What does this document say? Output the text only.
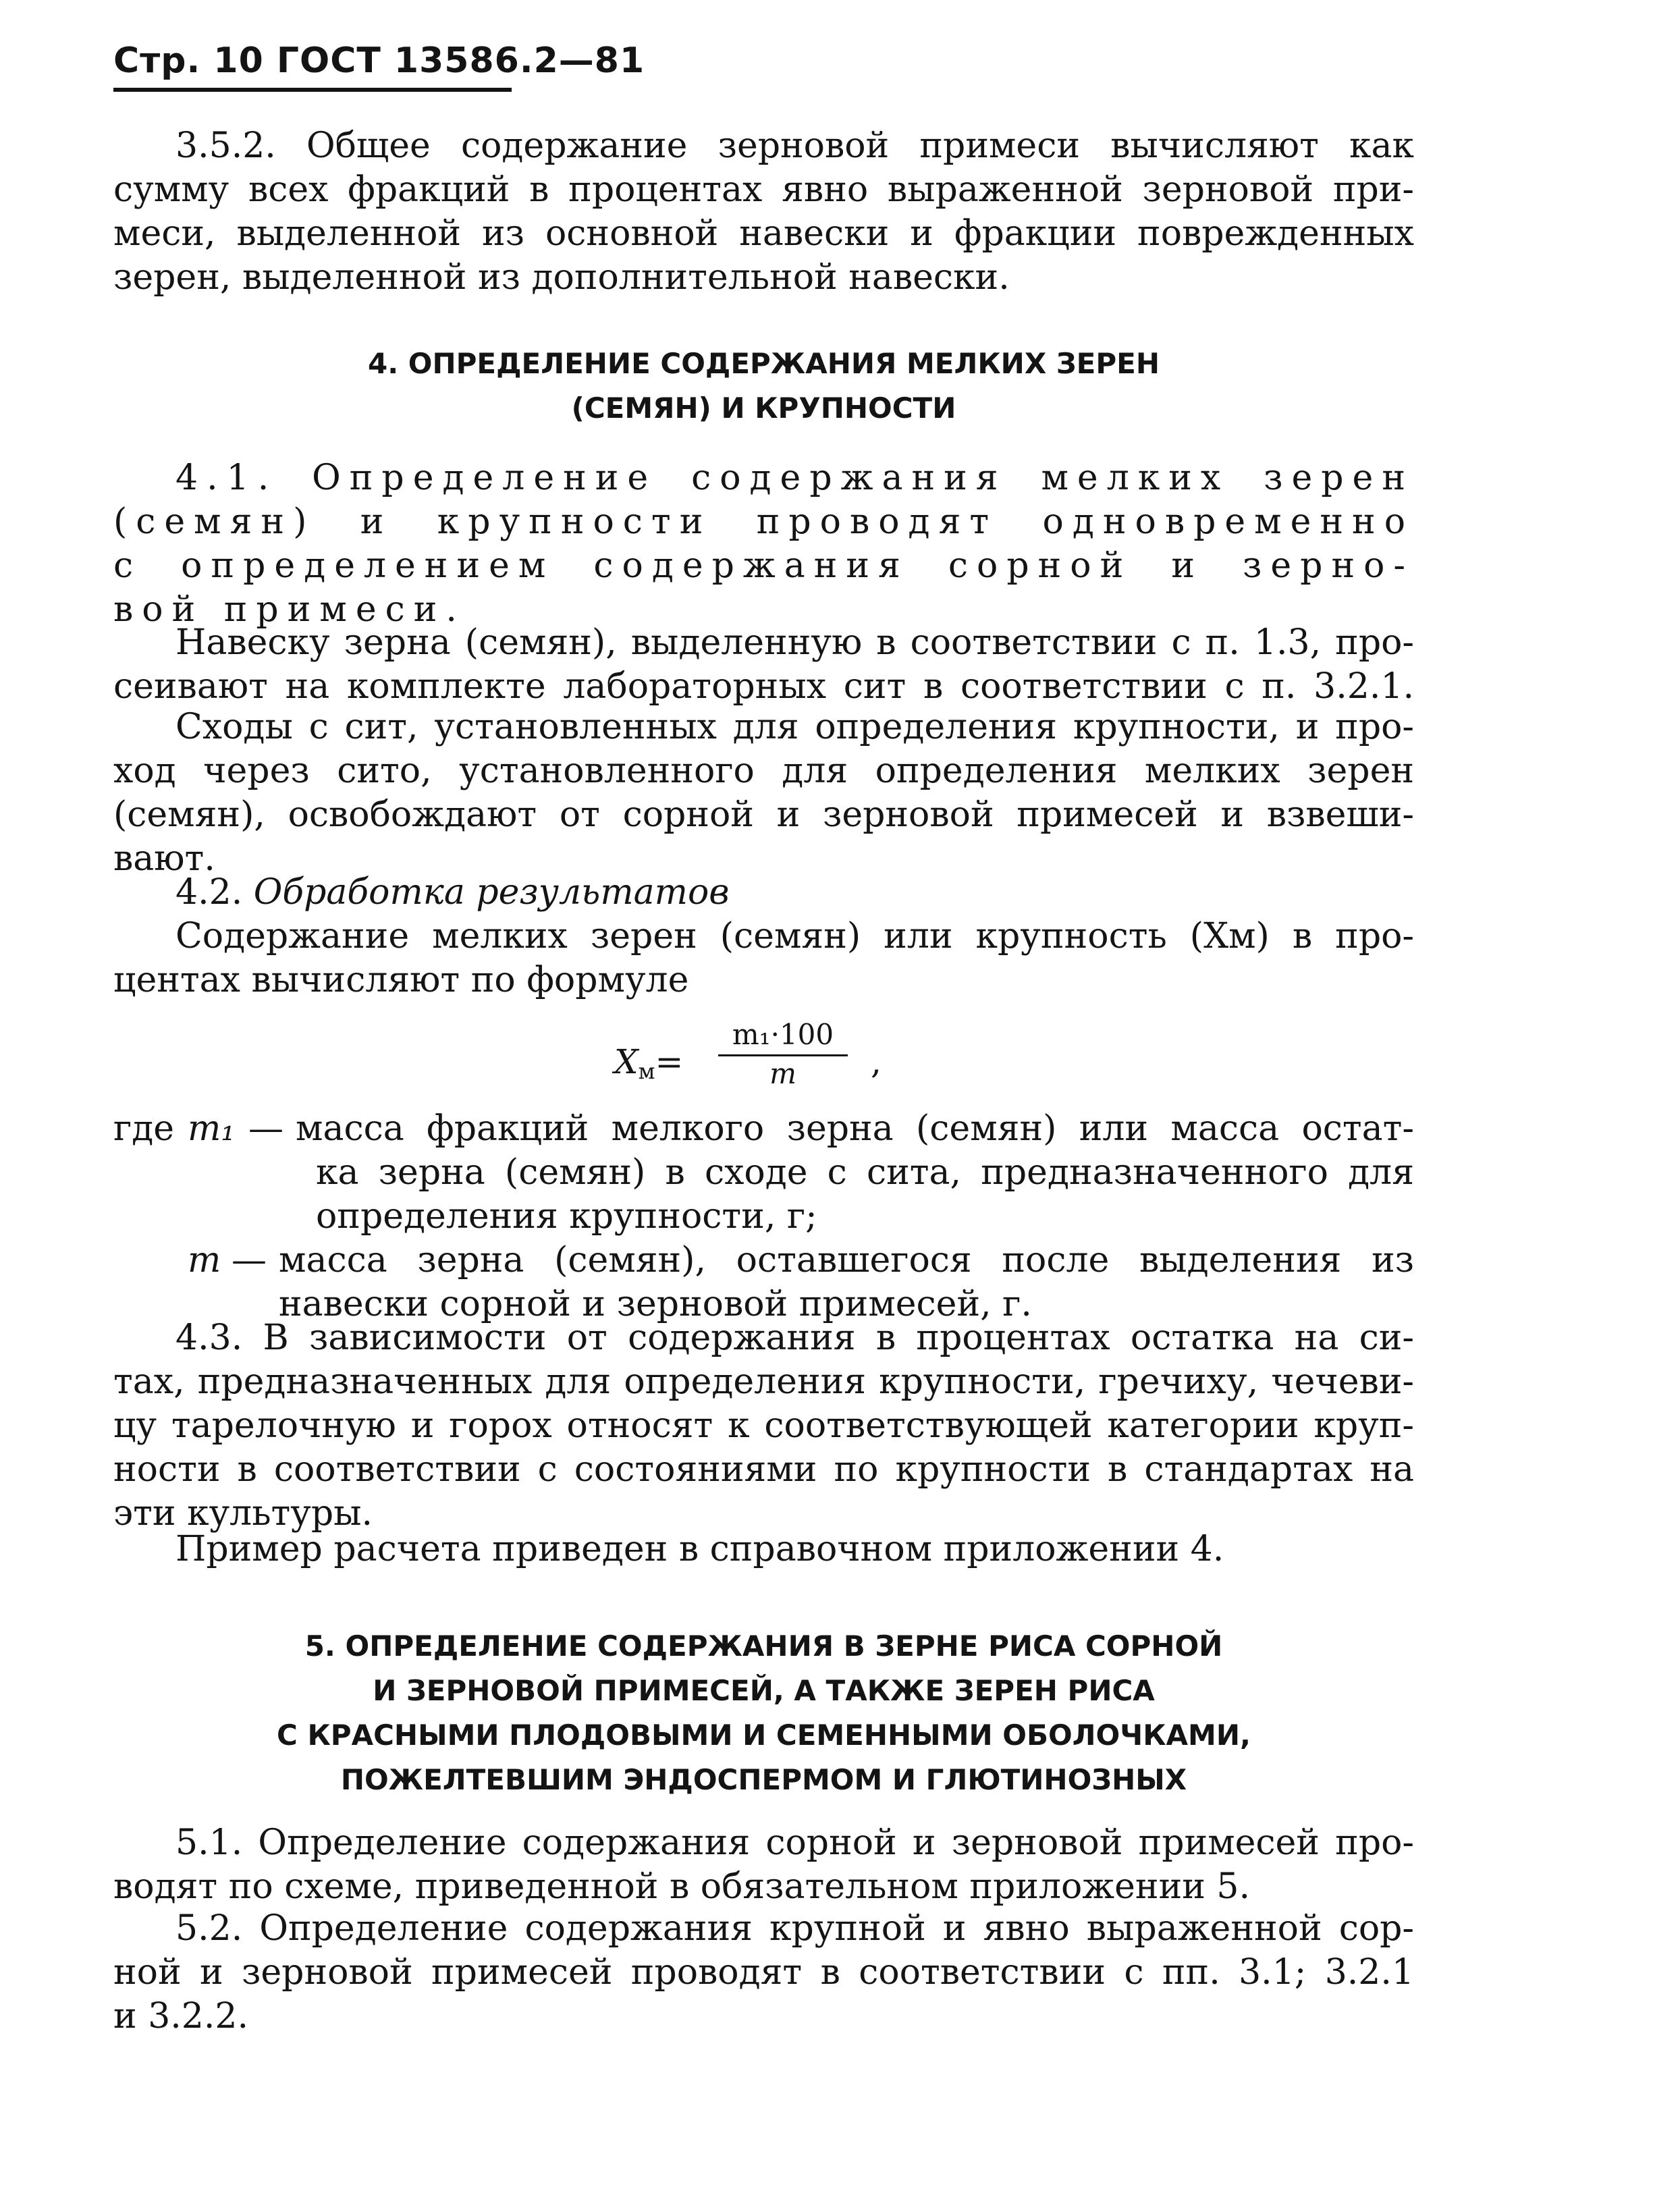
Стр. 10 ГОСТ 13586.2—81
3.5.2. Общее содержание зерновой примеси вычисляют как
сумму всех фракций в процентах явно выраженной зерновой при-
меси, выделенной из основной навески и фракции поврежденных
зерен, выделенной из дополнительной навески.
4. ОПРЕДЕЛЕНИЕ СОДЕРЖАНИЯ МЕЛКИХ ЗЕРЕН
(СЕМЯН) И КРУПНОСТИ
4.1. Определение содержания мелких зерен
(семян) и крупности проводят одновременно
с определением содержания сорной и зерно-
вой примеси.
Навеску зерна (семян), выделенную в соответствии с п. 1.3, про-
сеивают на комплекте лабораторных сит в соответствии с п. 3.2.1.
Сходы с сит, установленных для определения крупности, и про-
ход через сито, установленного для определения мелких зерен
(семян), освобождают от сорной и зерновой примесей и взвеши-
вают.
4.2. Обработка результатов
Содержание мелких зерен (семян) или крупность (Xм) в про-
центах вычисляют по формуле
$X_м=$
m₁·100
m	,
где m₁ — масса фракций мелкого зерна (семян) или масса остат-
ка зерна (семян) в сходе с сита, предназначенного для
определения крупности, г;
m — масса зерна (семян), оставшегося после выделения из
навески сорной и зерновой примесей, г.
4.3. В зависимости от содержания в процентах остатка на си-
тах, предназначенных для определения крупности, гречиху, чечеви-
цу тарелочную и горох относят к соответствующей категории круп-
ности в соответствии с состояниями по крупности в стандартах на
эти культуры.
Пример расчета приведен в справочном приложении 4.
5. ОПРЕДЕЛЕНИЕ СОДЕРЖАНИЯ В ЗЕРНЕ РИСА СОРНОЙ
И ЗЕРНОВОЙ ПРИМЕСЕЙ, А ТАКЖЕ ЗЕРЕН РИСА
С КРАСНЫМИ ПЛОДОВЫМИ И СЕМЕННЫМИ ОБОЛОЧКАМИ,
ПОЖЕЛТЕВШИМ ЭНДОСПЕРМОМ И ГЛЮТИНОЗНЫХ
5.1. Определение содержания сорной и зерновой примесей про-
водят по схеме, приведенной в обязательном приложении 5.
5.2. Определение содержания крупной и явно выраженной сор-
ной и зерновой примесей проводят в соответствии с пп. 3.1; 3.2.1
и 3.2.2.
